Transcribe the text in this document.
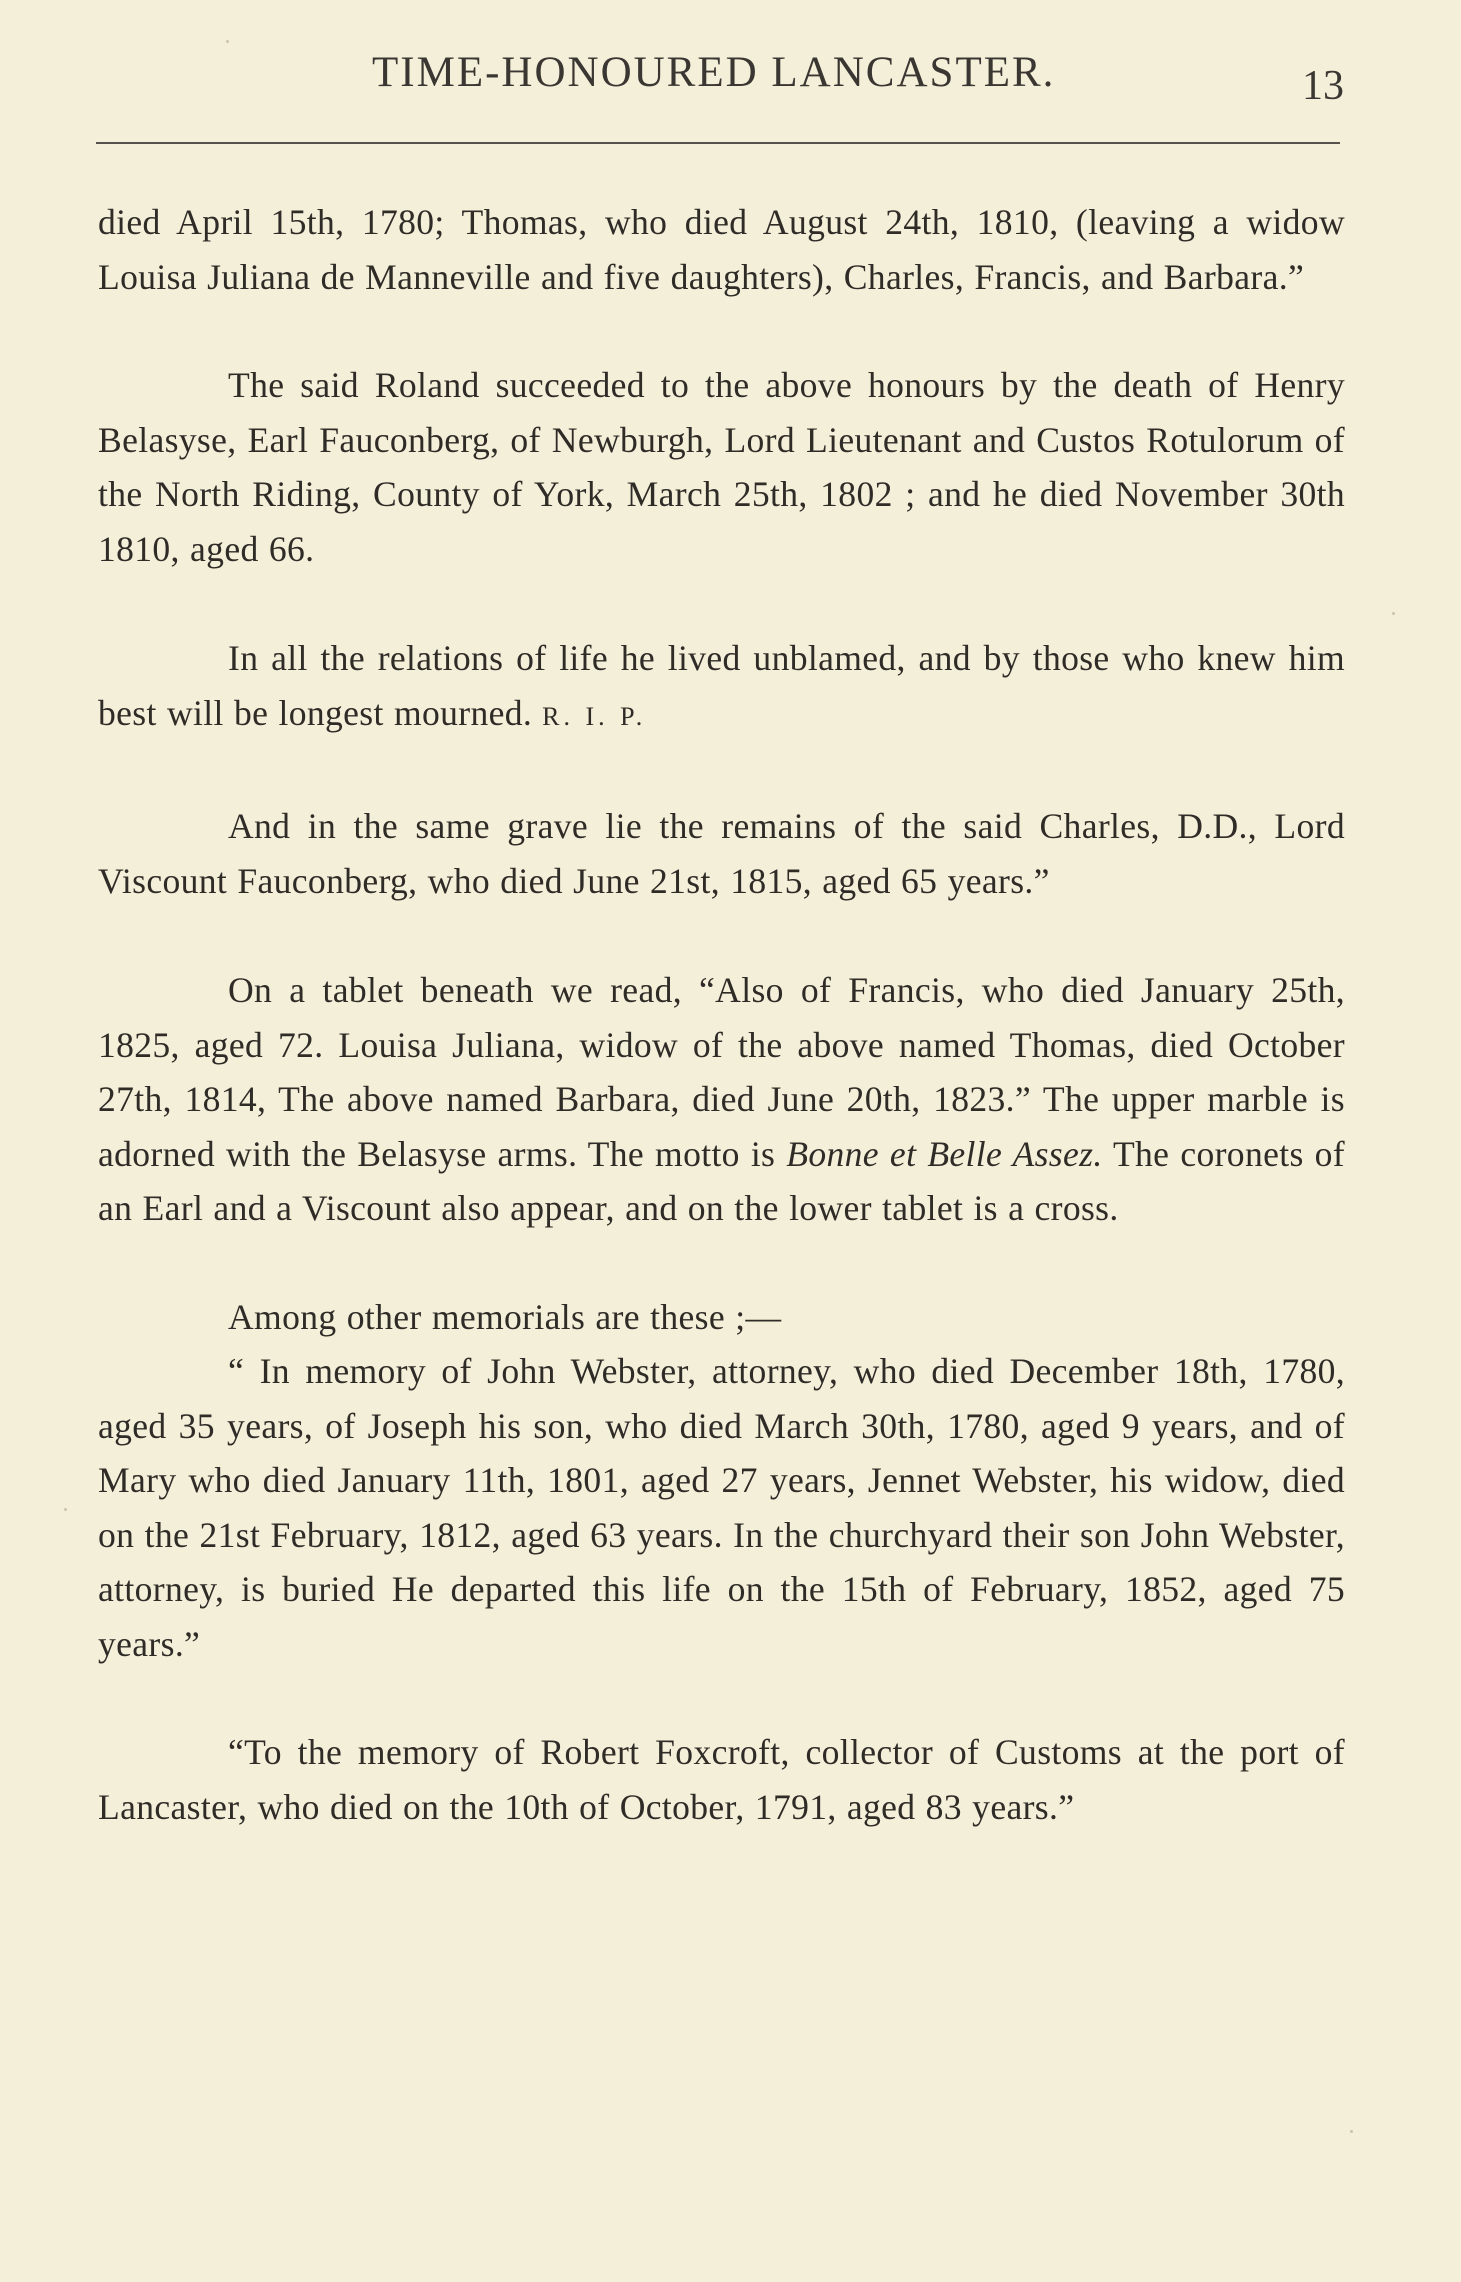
TIME-HONOURED LANCASTER.	13

died April 15th, 1780; Thomas, who died August 24th, 1810, (leaving a widow Louisa Juliana de Manneville and five daughters), Charles, Francis, and Barbara.”

The said Roland succeeded to the above honours by the death of Henry Belasyse, Earl Fauconberg, of Newburgh, Lord Lieutenant and Custos Rotulorum of the North Riding, County of York, March 25th, 1802 ; and he died November 30th 1810, aged 66.

In all the relations of life he lived unblamed, and by those who knew him best will be longest mourned. R. I. P.

And in the same grave lie the remains of the said Charles, D.D., Lord Viscount Fauconberg, who died June 21st, 1815, aged 65 years.”

On a tablet beneath we read, “Also of Francis, who died January 25th, 1825, aged 72. Louisa Juliana, widow of the above named Thomas, died October 27th, 1814, The above named Barbara, died June 20th, 1823.” The upper marble is adorned with the Belasyse arms. The motto is Bonne et Belle Assez. The coronets of an Earl and a Viscount also appear, and on the lower tablet is a cross.

Among other memorials are these ;—

“ In memory of John Webster, attorney, who died December 18th, 1780, aged 35 years, of Joseph his son, who died March 30th, 1780, aged 9 years, and of Mary who died January 11th, 1801, aged 27 years, Jennet Webster, his widow, died on the 21st February, 1812, aged 63 years. In the churchyard their son John Webster, attorney, is buried He departed this life on the 15th of February, 1852, aged 75 years.”

“To the memory of Robert Foxcroft, collector of Customs at the port of Lancaster, who died on the 10th of October, 1791, aged 83 years.”
